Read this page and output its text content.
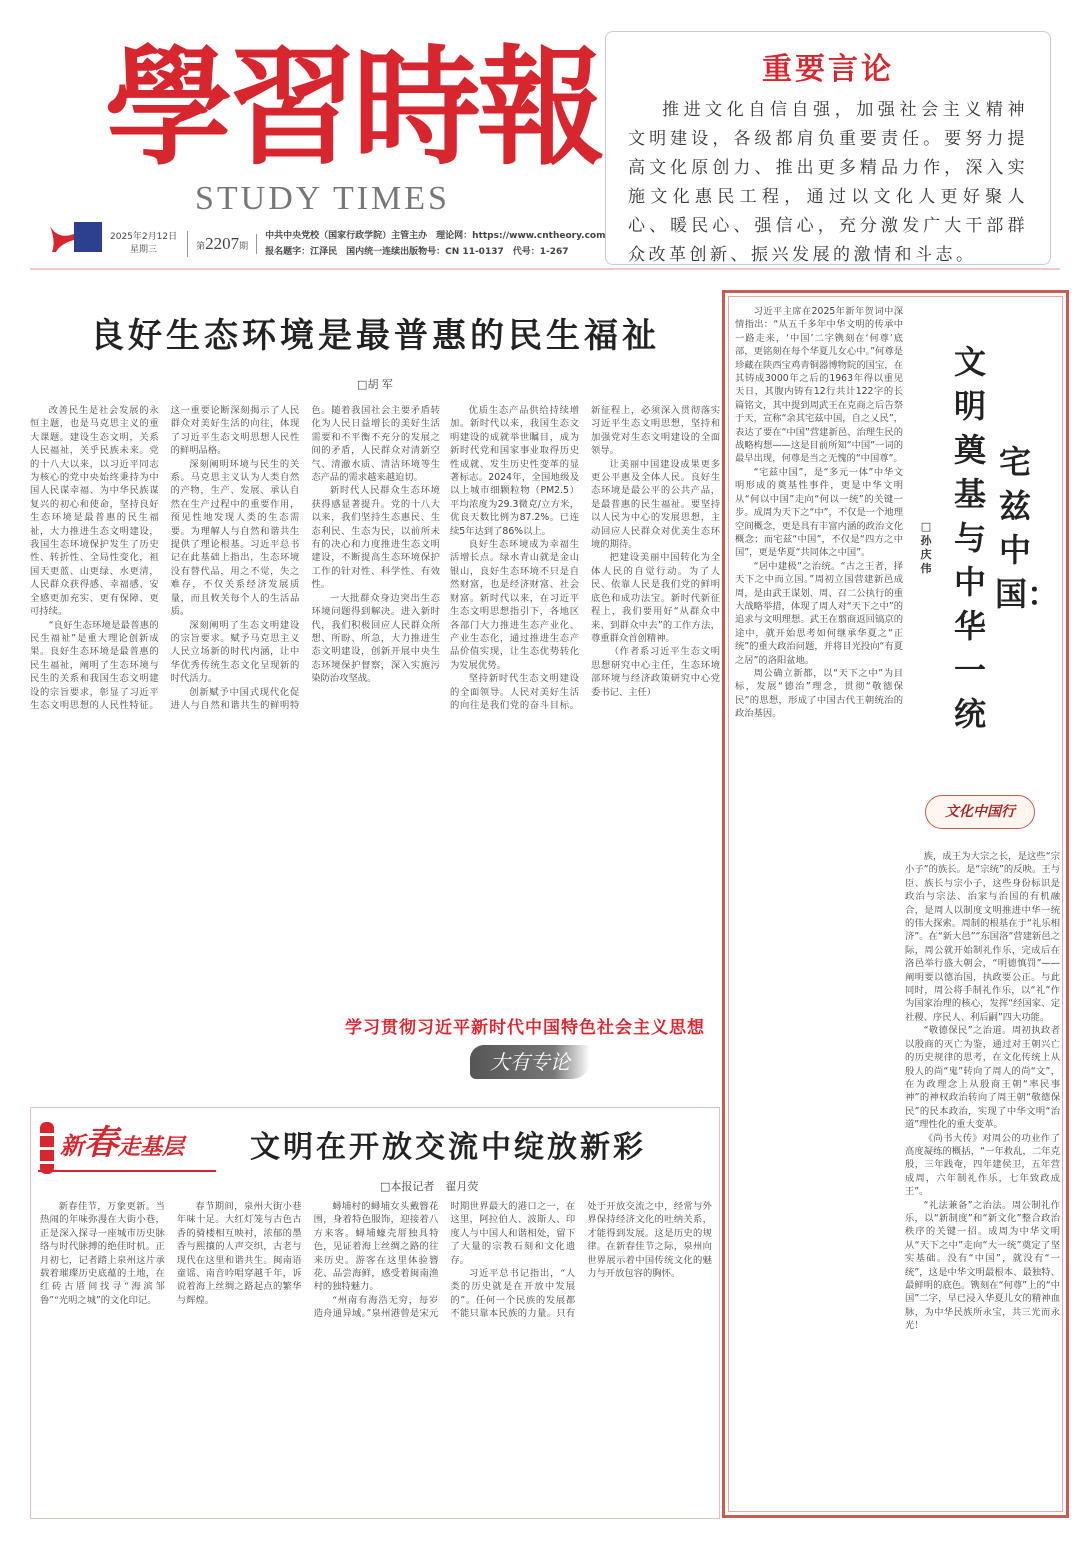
學習時報
STUDY TIMES
2025年2月12日
星期三	第2207期
中共中央党校（国家行政学院）主管主办　 理论网：https://www.cntheory.com
报名题字：江泽民　 国内统一连续出版物号：CN 11-0137　 代号：1-267
重要言论

推进文化自信自强，加强社会主义精神文明建设，各级都肩负重要责任。要努力提高文化原创力、推出更多精品力作，深入实施文化惠民工程，通过以文化人更好聚人心、暖民心、强信心，充分激发广大干部群众改革创新、振兴发展的激情和斗志。

良好生态环境是最普惠的民生福祉
□胡 军

改善民生是社会发展的永恒主题，也是马克思主义的重大课题。建设生态文明，关系人民福祉，关乎民族未来。党的十八大以来，以习近平同志为核心的党中央始终秉持为中国人民谋幸福、为中华民族谋复兴的初心和使命，坚持良好生态环境是最普惠的民生福祉，大力推进生态文明建设，我国生态环境保护发生了历史性、转折性、全局性变化，祖国天更蓝、山更绿、水更清，人民群众获得感、幸福感、安全感更加充实、更有保障、更可持续。

“良好生态环境是最普惠的民生福祉”是重大理论创新成果。良好生态环境是最普惠的民生福祉，阐明了生态环境与民生的关系和我国生态文明建设的宗旨要求，彰显了习近平生态文明思想的人民性特征。这一重要论断深刻揭示了人民群众对美好生活的向往，体现了习近平生态文明思想人民性的鲜明品格。

深刻阐明环境与民生的关系。马克思主义认为人类自然的产物，生产、发展、承认自然在生产过程中的重要作用，预见性地发现人类的生态需要。为理解人与自然和谐共生提供了理论根基。习近平总书记在此基础上指出，生态环境没有替代品，用之不觉，失之难存，不仅关系经济发展质量，而且攸关每个人的生活品质。

深刻阐明了生态文明建设的宗旨要求。赋予马克思主义人民立场新的时代内涵，让中华优秀传统生态文化呈现新的时代活力。

创新赋予中国式现代化促进人与自然和谐共生的鲜明特色。随着我国社会主要矛盾转化为人民日益增长的美好生活需要和不平衡不充分的发展之间的矛盾，人民群众对清新空气、清澈水质、清洁环境等生态产品的需求越来越迫切。

新时代人民群众生态环境获得感显著提升。党的十八大以来，我们坚持生态惠民、生态利民、生态为民，以前所未有的决心和力度推进生态文明建设，不断提高生态环境保护工作的针对性、科学性、有效性。

一大批群众身边突出生态环境问题得到解决。进入新时代，我们积极回应人民群众所想、所盼、所急，大力推进生态文明建设，创新开展中央生态环境保护督察，深入实施污染防治攻坚战。

优质生态产品供给持续增加。新时代以来，我国生态文明建设的成就举世瞩目，成为新时代党和国家事业取得历史性成就、发生历史性变革的显著标志。2024年，全国地级及以上城市细颗粒物（PM2.5）平均浓度为29.3微克/立方米，优良天数比例为87.2%。已连续5年达到了86%以上。

良好生态环境成为幸福生活增长点。绿水青山就是金山银山，良好生态环境不只是自然财富，也是经济财富、社会财富。新时代以来，在习近平生态文明思想指引下，各地区各部门大力推进生态产业化、产业生态化，通过推进生态产品价值实现，让生态优势转化为发展优势。

坚持新时代生态文明建设的全面领导。人民对美好生活的向往是我们党的奋斗目标。新征程上，必须深入贯彻落实习近平生态文明思想，坚持和加强党对生态文明建设的全面领导。

让美丽中国建设成果更多更公平惠及全体人民。良好生态环境是最公平的公共产品，是最普惠的民生福祉。要坚持以人民为中心的发展思想，主动回应人民群众对优美生态环境的期待。

把建设美丽中国转化为全体人民的自觉行动。为了人民、依靠人民是我们党的鲜明底色和成功法宝。新时代新征程上，我们要用好“从群众中来、到群众中去”的工作方法，尊重群众首创精神。

（作者系习近平生态文明思想研究中心主任，生态环境部环境与经济政策研究中心党委书记、主任）

学习贯彻习近平新时代中国特色社会主义思想
大有专论
新春走基层	文明在开放交流中绽放新彩
□本报记者　翟月荧

新春佳节，万象更新。当热闹的年味弥漫在大街小巷，正是深入探寻一座城市历史脉络与时代脉搏的绝佳时机。正月初七，记者踏上泉州这片承载着璀璨历史底蕴的土地，在红砖古厝间找寻“海滨邹鲁”“光明之城”的文化印记。

春节期间，泉州大街小巷年味十足。大红灯笼与古色古香的骑楼相互映衬，浓郁的墨香与熙攘的人声交织，古老与现代在这里和谐共生。闽南语童谣、南音吟唱穿越千年，诉说着海上丝绸之路起点的繁华与辉煌。

蟳埔村的蟳埔女头戴簪花围，身着特色服饰，迎接着八方来客。蟳埔蠔壳厝独具特色，见证着海上丝绸之路的往来历史。游客在这里体验簪花、品尝海鲜，感受着闽南渔村的独特魅力。

“州南有海浩无穷，每岁造舟通异域。”泉州港曾是宋元时期世界最大的港口之一，在这里，阿拉伯人、波斯人、印度人与中国人和谐相处，留下了大量的宗教石刻和文化遗存。

习近平总书记指出，“人类的历史就是在开放中发展的”。任何一个民族的发展都不能只靠本民族的力量。只有处于开放交流之中，经常与外界保持经济文化的吐纳关系，才能得到发展。这是历史的规律。在新春佳节之际，泉州向世界展示着中国传统文化的魅力与开放包容的胸怀。

习近平主席在2025年新年贺词中深情指出：“从五千多年中华文明的传承中一路走来，‘中国’二字镌刻在‘何尊’底部，更铭刻在每个华夏儿女心中。”何尊是珍藏在陕西宝鸡青铜器博物院的国宝，在其铸成3000年之后的1963年得以重见天日，其腹内铸有12行共计122字的长篇铭文，其中提到周武王在克商之后告祭于天，宣称“余其宅兹中国，自之乂民”，表达了要在“中国”营建新邑、治理生民的战略构想——这是目前所知“中国”一词的最早出现，何尊是当之无愧的“中国尊”。

“宅兹中国”，是“多元一体”中华文明形成的奠基性事件，更是中华文明从“何以中国”走向“何以一统”的关键一步。成周为天下之“中”，不仅是一个地理空间概念，更是具有丰富内涵的政治文化概念；而宅兹“中国”，不仅是“四方之中国”，更是华夏“共同体之中国”。

“居中建极”之治统。“古之王者，择天下之中而立国。”周初立国营建新邑成周，是由武王谋划、周、召二公执行的重大战略举措，体现了周人对“天下之中”的追求与文明理想。武王在翦商返回镐京的途中，就开始思考如何继承华夏之“正统”的重大政治问题，并将目光投向“有夏之居”的洛阳盆地。

周公确立新都，以“天下之中”为目标，发展“德治”理念，贯彻“敬德保民”的思想，形成了中国古代王朝统治的政治基因。

文明奠基与中华一统
宅兹中国：
□孙庆伟
文化中国行

族，成王为大宗之长，是这些“宗小子”的族长。是“宗统”的反映。王与臣、族长与宗小子，这些身份标识是政治与宗法、治家与治国的有机融合，是周人以制度文明推进中华一统的伟大探索。周制的根基在于“礼乐相济”。在“新大邑”“东国洛”营建新邑之际，周公就开始制礼作乐，完成后在洛邑举行盛大朝会，“明德慎罚”——阐明要以德治国，执政要公正。与此同时，周公将手制礼作乐，以“礼”作为国家治理的核心，发挥“经国家、定社稷、序民人、利后嗣”四大功能。

“敬德保民”之治道。周初执政者以殷商的灭亡为鉴，通过对王朝兴亡的历史规律的思考，在文化传统上从殷人的尚“鬼”转向了周人的尚“文”，在为政理念上从殷商王朝“率民事神”的神权政治转向了周王朝“敬德保民”的民本政治，实现了中华文明“治道”理性化的重大变革。

《尚书大传》对周公的功业作了高度凝练的概括，“一年救乱，二年克殷，三年践奄，四年建侯卫，五年营成周，六年制礼作乐，七年致政成王”。

“礼法兼备”之治法。周公制礼作乐，以“新制度”和“新文化”整合政治秩序的关键一招。成周为中华文明从“天下之中”走向“大一统”奠定了坚实基础。没有“中国”，就没有“一统”，这是中华文明最根本、最独特、最鲜明的底色。镌刻在“何尊”上的“中国”二字，早已浸入华夏儿女的精神血脉，为中华民族所永宝，共三光而永光！
